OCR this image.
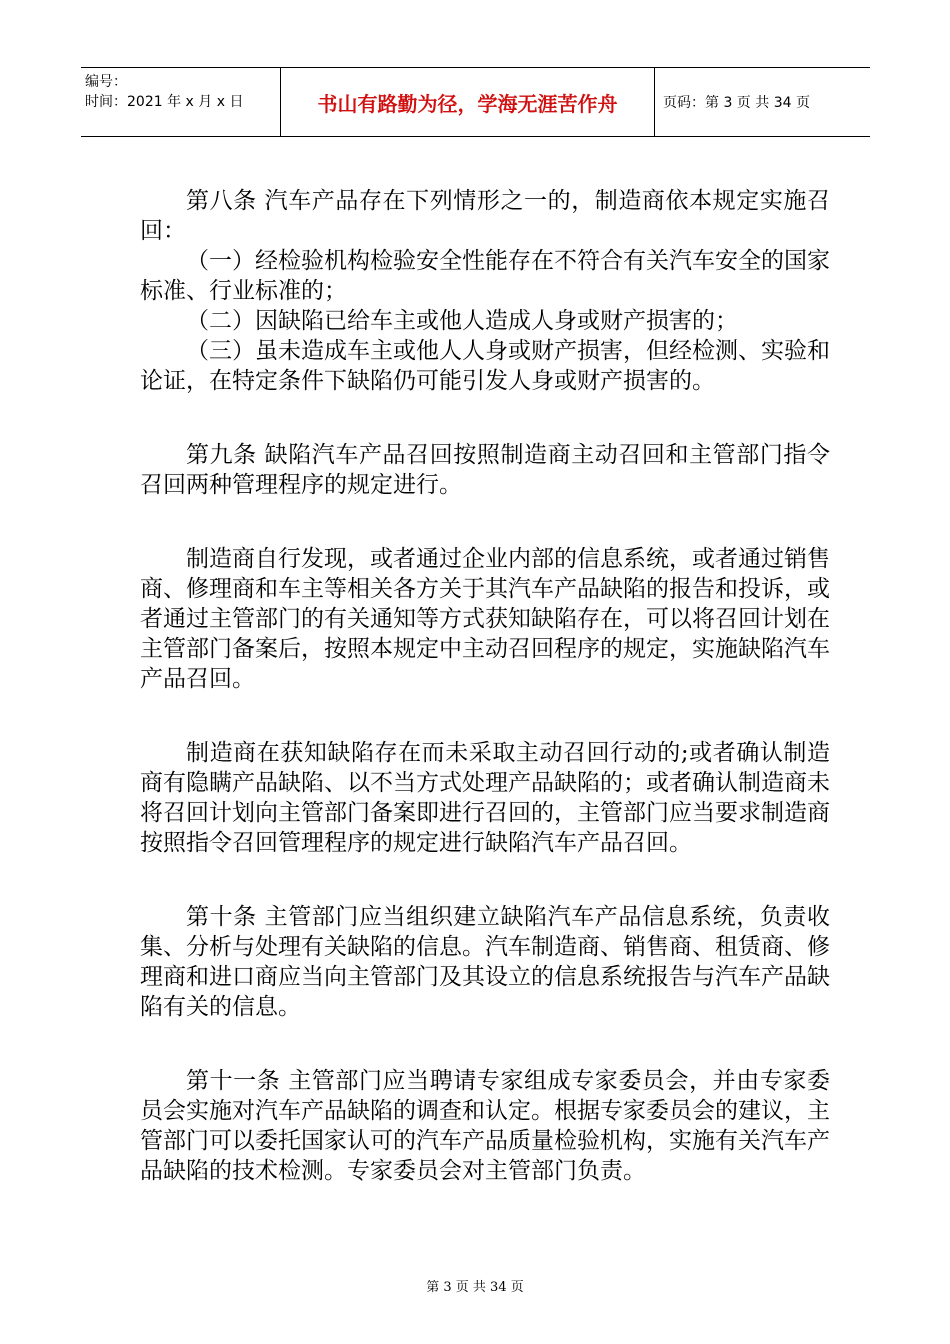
编号：
时间：2021 年 x 月 x 日	书山有路勤为径，学海无涯苦作舟	页码：第 3 页 共 34 页

第八条 汽车产品存在下列情形之一的，制造商依本规定实施召回：

（一）经检验机构检验安全性能存在不符合有关汽车安全的国家标准、行业标准的；

（二）因缺陷已给车主或他人造成人身或财产损害的；

（三）虽未造成车主或他人人身或财产损害，但经检测、实验和论证，在特定条件下缺陷仍可能引发人身或财产损害的。

第九条 缺陷汽车产品召回按照制造商主动召回和主管部门指令召回两种管理程序的规定进行。

制造商自行发现，或者通过企业内部的信息系统，或者通过销售商、修理商和车主等相关各方关于其汽车产品缺陷的报告和投诉，或者通过主管部门的有关通知等方式获知缺陷存在，可以将召回计划在主管部门备案后，按照本规定中主动召回程序的规定，实施缺陷汽车产品召回。

制造商在获知缺陷存在而未采取主动召回行动的;或者确认制造商有隐瞒产品缺陷、以不当方式处理产品缺陷的；或者确认制造商未将召回计划向主管部门备案即进行召回的，主管部门应当要求制造商按照指令召回管理程序的规定进行缺陷汽车产品召回。

第十条 主管部门应当组织建立缺陷汽车产品信息系统，负责收集、分析与处理有关缺陷的信息。汽车制造商、销售商、租赁商、修理商和进口商应当向主管部门及其设立的信息系统报告与汽车产品缺陷有关的信息。

第十一条 主管部门应当聘请专家组成专家委员会，并由专家委员会实施对汽车产品缺陷的调查和认定。根据专家委员会的建议，主管部门可以委托国家认可的汽车产品质量检验机构，实施有关汽车产品缺陷的技术检测。专家委员会对主管部门负责。

第 3 页 共 34 页
